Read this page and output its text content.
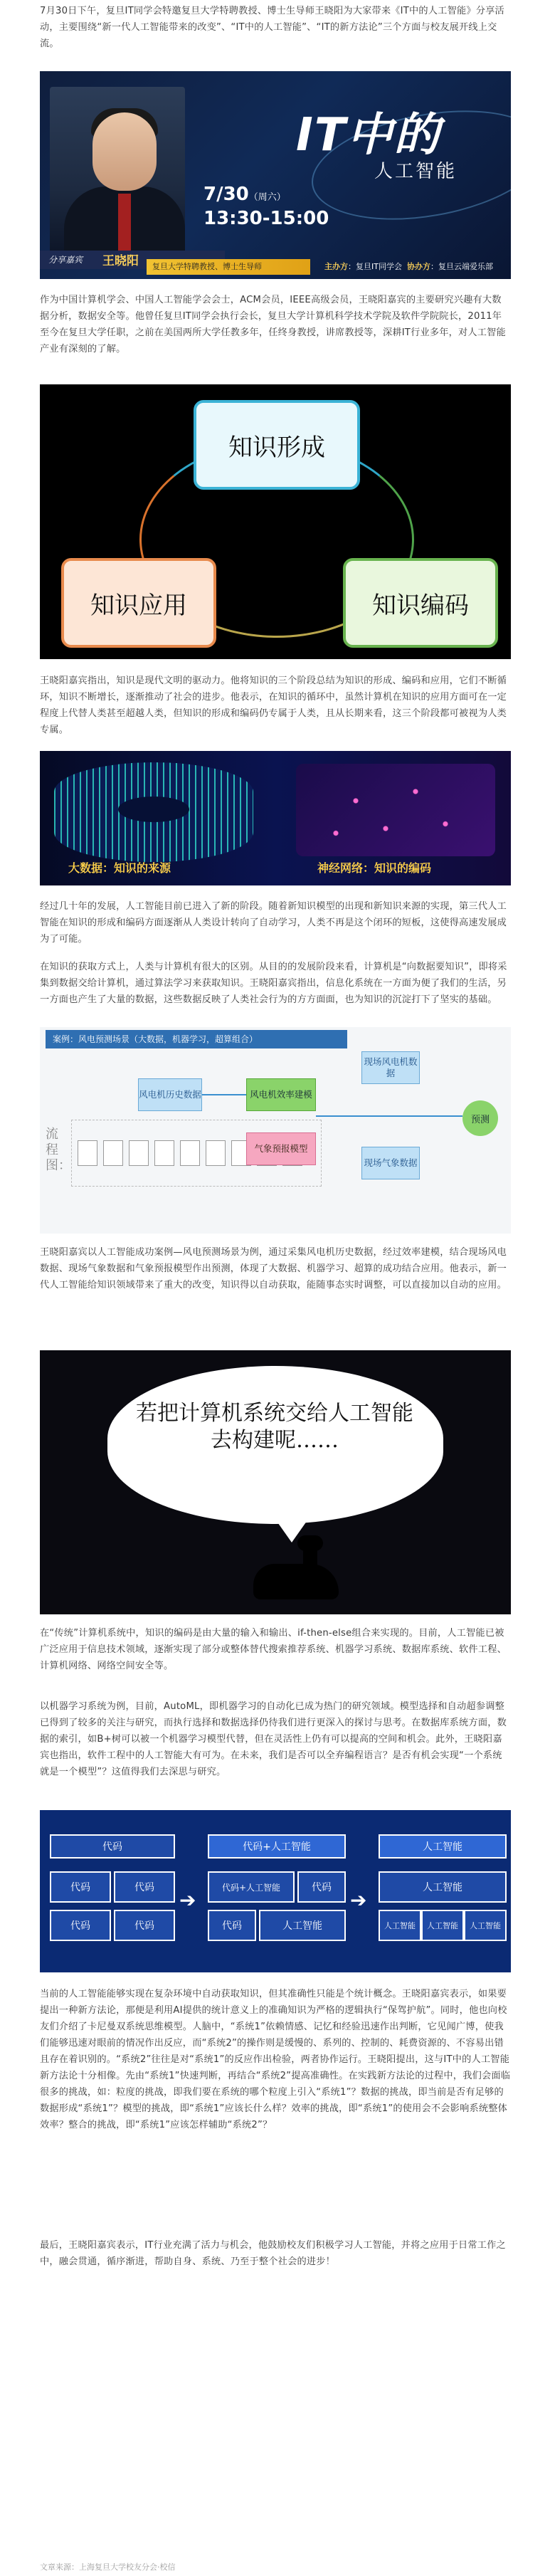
7月30日下午，复旦IT同学会特邀复旦大学特聘教授、博士生导师王晓阳为大家带来《IT中的人工智能》分享活动，主要围绕“新一代人工智能带来的改变”、“IT中的人工智能”、“IT的新方法论”三个方面与校友展开线上交流。

IT中的
人工智能
7/30（周六）
13:30-15:00
分享嘉宾 王晓阳	复旦大学特聘教授、博士生导师	主办方：复旦IT同学会 协办方：复旦云端爱乐部

作为中国计算机学会、中国人工智能学会会士，ACM会员，IEEE高级会员，王晓阳嘉宾的主要研究兴趣有大数据分析，数据安全等。他曾任复旦IT同学会执行会长，复旦大学计算机科学技术学院及软件学院院长，2011年至今在复旦大学任职，之前在美国两所大学任教多年，任终身教授，讲席教授等，深耕IT行业多年，对人工智能产业有深刻的了解。

知识形成
知识应用	知识编码

王晓阳嘉宾指出，知识是现代文明的驱动力。他将知识的三个阶段总结为知识的形成、编码和应用，它们不断循环，知识不断增长，逐渐推动了社会的进步。他表示，在知识的循环中，虽然计算机在知识的应用方面可在一定程度上代替人类甚至超越人类，但知识的形成和编码仍专属于人类，且从长期来看，这三个阶段都可被视为人类专属。

大数据：知识的来源	神经网络：知识的编码

经过几十年的发展，人工智能目前已进入了新的阶段。随着新知识模型的出现和新知识来源的实现，第三代人工智能在知识的形成和编码方面逐渐从人类设计转向了自动学习，人类不再是这个闭环的短板，这使得高速发展成为了可能。

在知识的获取方式上，人类与计算机有很大的区别。从目的的发展阶段来看，计算机是“向数据要知识”，即将采集到数据交给计算机，通过算法学习来获取知识。王晓阳嘉宾指出，信息化系统在一方面为便了我们的生活，另一方面也产生了大量的数据，这些数据反映了人类社会行为的方方面面，也为知识的沉淀打下了坚实的基础。

案例：风电预测场景（大数据，机器学习，超算组合）
流程图：
风电机历史数据	风电机效率建模
气象预报模型
现场风电机数据
现场气象数据
预测

王晓阳嘉宾以人工智能成功案例—风电预测场景为例，通过采集风电机历史数据，经过效率建模，结合现场风电数据、现场气象数据和气象预报模型作出预测，体现了大数据、机器学习、超算的成功结合应用。他表示，新一代人工智能给知识领域带来了重大的改变，知识得以自动获取，能随事态实时调整，可以直接加以自动的应用。

若把计算机系统交给人工智能去构建呢……

在“传统”计算机系统中，知识的编码是由大量的输入和输出、if-then-else组合来实现的。目前，人工智能已被广泛应用于信息技术领域，逐渐实现了部分或整体替代搜索推荐系统、机器学习系统、数据库系统、软件工程、计算机网络、网络空间安全等。

以机器学习系统为例，目前，AutoML，即机器学习的自动化已成为热门的研究领域。模型选择和自动超参调整已得到了较多的关注与研究，而执行选择和数据选择仍待我们进行更深入的探讨与思考。在数据库系统方面，数据的索引，如B+树可以被一个机器学习模型代替，但在灵活性上仍有可以提高的空间和机会。此外，王晓阳嘉宾也指出，软件工程中的人工智能大有可为。在未来，我们是否可以全弃编程语言？是否有机会实现“一个系统就是一个模型”？这值得我们去深思与研究。

代码
代码	代码
代码	代码
➔
代码+人工智能
代码+人工智能	代码
代码	人工智能
➔
人工智能
人工智能
人工智能	人工智能	人工智能

当前的人工智能能够实现在复杂环境中自动获取知识，但其准确性只能是个统计概念。王晓阳嘉宾表示，如果要提出一种新方法论，那便是利用AI提供的统计意义上的准确知识为严格的逻辑执行“保驾护航”。同时，他也向校友们介绍了卡尼曼双系统思维模型。人脑中，“系统1”依赖情感、记忆和经验迅速作出判断，它见闻广博，使我们能够迅速对眼前的情况作出反应，而“系统2”的操作则是缓慢的、系列的、控制的、耗费资源的、不容易出错且存在着识别的。“系统2”往往是对“系统1”的反应作出检验，两者协作运行。王晓阳提出，这与IT中的人工智能新方法论十分相像。先由“系统1”快速判断，再结合“系统2”提高准确性。在实践新方法论的过程中，我们会面临很多的挑战，如：粒度的挑战，即我们要在系统的哪个粒度上引入“系统1”？数据的挑战，即当前是否有足够的数据形成“系统1”？模型的挑战，即“系统1”应该长什么样？效率的挑战，即“系统1”的使用会不会影响系统整体效率？整合的挑战，即“系统1”应该怎样辅助“系统2”？

最后，王晓阳嘉宾表示，IT行业充满了活力与机会，他鼓励校友们积极学习人工智能，并将之应用于日常工作之中，融会贯通，循序渐进，帮助自身、系统、乃至于整个社会的进步！

文章来源：上海复旦大学校友分会·校信
